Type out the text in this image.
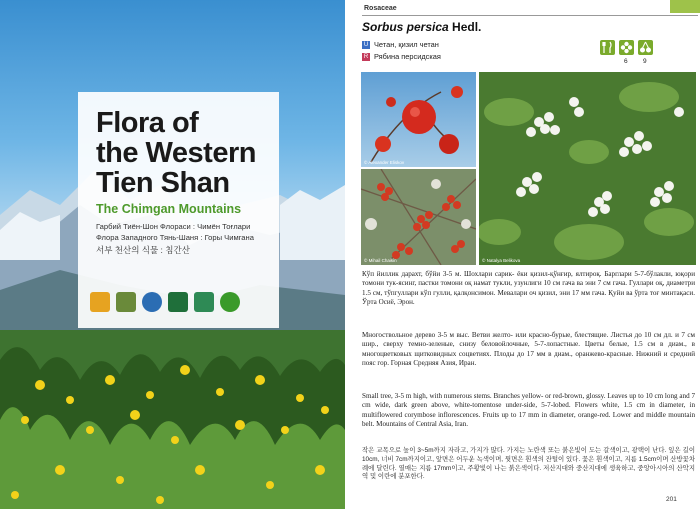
Flora of
the Western
Tien Shan
The Chimgan Mountains
Гарбий Тиён-Шон Флораси : Чимён Тоғлари
Флора Западного Тянь-Шаня : Горы Чимгана
서부 천산의 식물 : 침간산
Rosaceae
Sorbus persica Hedl.
U Четан, қизил четан
R Рябина персидская
6 9
© Alexander Eliskov
© Mihail Chaikin	© Natalya Belikova
Кўп йиллик дарахт, бўйи 3-5 м. Шохлари сарик- ёки қизил-қўнғир, ялтироқ. Барглари 5-7-бўлакли, юқори томони тук-ясинг, пастки томони оқ намат тукли, узунлиги 10 см гача ва эни 7 см гача. Гуллари оқ, диаметри 1.5 см, тўпгуллари кўп гулли, қалқонсимон. Мевалари оч қизил, эни 17 мм гача. Қуйи ва ўрта тоғ минтақаси. Ўрта Осиё, Эрон.
Многоствольное дерево 3-5 м выс. Ветви желто- или красно-бурые, блестящие. Листья до 10 см дл. и 7 см шир., сверху темно-зеленые, снизу беловойлочные, 5-7-лопастные. Цветы белые, 1.5 см в диам., в многоцветковых щитковидных соцветиях. Плоды до 17 мм в диам., оранжево-красные. Нижний и средний пояс гор. Горная Средняя Азия, Иран.
Small tree, 3-5 m high, with numerous stems. Branches yellow- or red-brown, glossy. Leaves up to 10 cm long and 7 cm wide, dark green above, white-tomentose under-side, 5-7-lobed. Flowers white, 1.5 cm in diameter, in multiflowered corymbose inflorescences. Fruits up to 17 mm in diameter, orange-red. Lower and middle mountain belt. Mountains of Central Asia, Iran.
작은 교목으로 높이 3~5m까지 자라고, 가지가 많다. 가지는 노란색 또는 붉은빛이 도는 갈색이고, 광택이 난다. 잎은 길이 10cm, 너비 7cm까지이고, 앞면은 어두운 녹색이며, 뒷면은 흰색의 잔털이 있다. 꽃은 흰색이고, 지름 1.5cm이며 산방꽃차례에 달린다. 열매는 지름 17mm이고, 주황빛이 나는 붉은색이다. 저산지대와 중산지대에 생육하고, 중앙아시아의 산악지역 및 이란에 분포한다.
201
